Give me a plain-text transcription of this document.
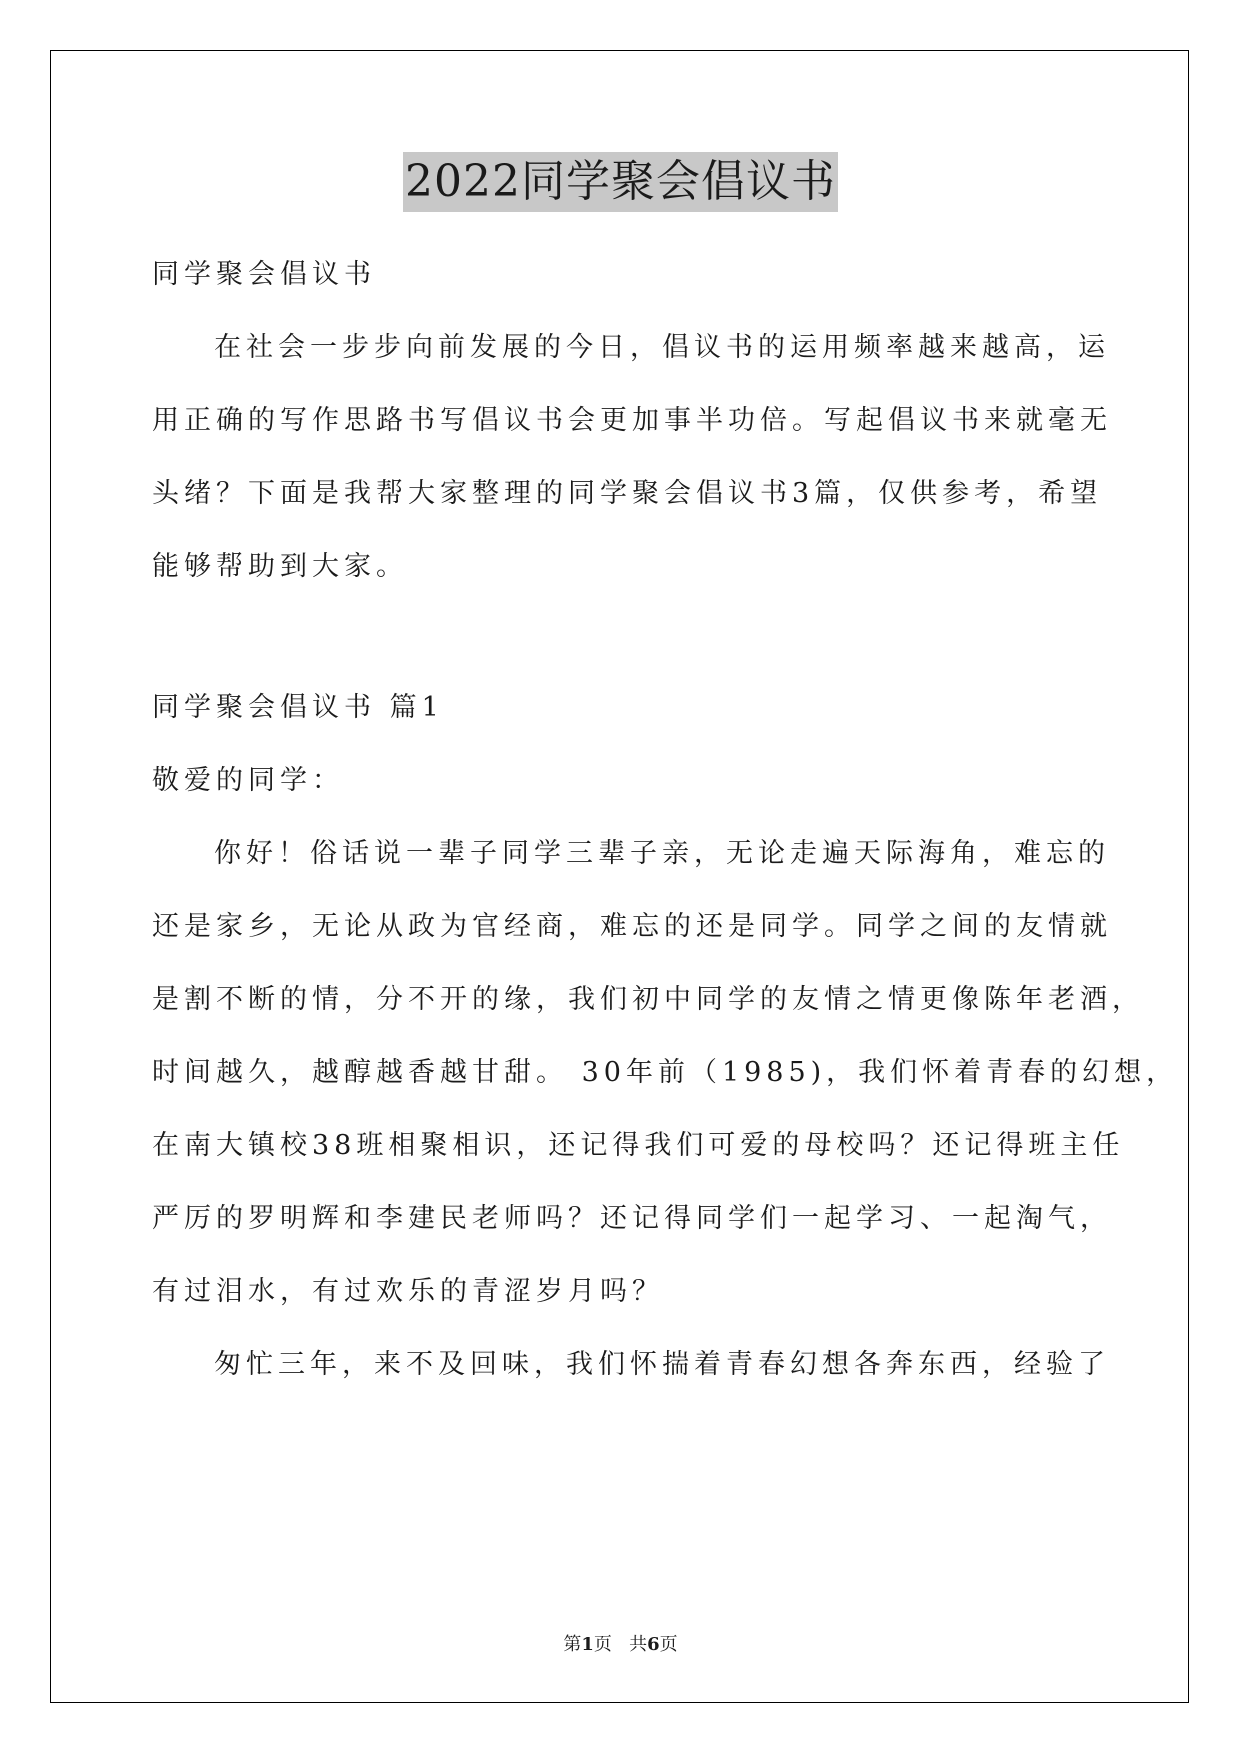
2022同学聚会倡议书
同学聚会倡议书
在社会一步步向前发展的今日，倡议书的运用频率越来越高，运
用正确的写作思路书写倡议书会更加事半功倍。写起倡议书来就毫无
头绪？下面是我帮大家整理的同学聚会倡议书3篇，仅供参考，希望
能够帮助到大家。
同学聚会倡议书 篇1
敬爱的同学：
你好！俗话说一辈子同学三辈子亲，无论走遍天际海角，难忘的
还是家乡，无论从政为官经商，难忘的还是同学。同学之间的友情就
是割不断的情，分不开的缘，我们初中同学的友情之情更像陈年老酒，
时间越久，越醇越香越甘甜。 30年前（1985)，我们怀着青春的幻想，
在南大镇校38班相聚相识，还记得我们可爱的母校吗？还记得班主任
严厉的罗明辉和李建民老师吗？还记得同学们一起学习、一起淘气，
有过泪水，有过欢乐的青涩岁月吗？
匆忙三年，来不及回味，我们怀揣着青春幻想各奔东西，经验了
第1页   共6页
